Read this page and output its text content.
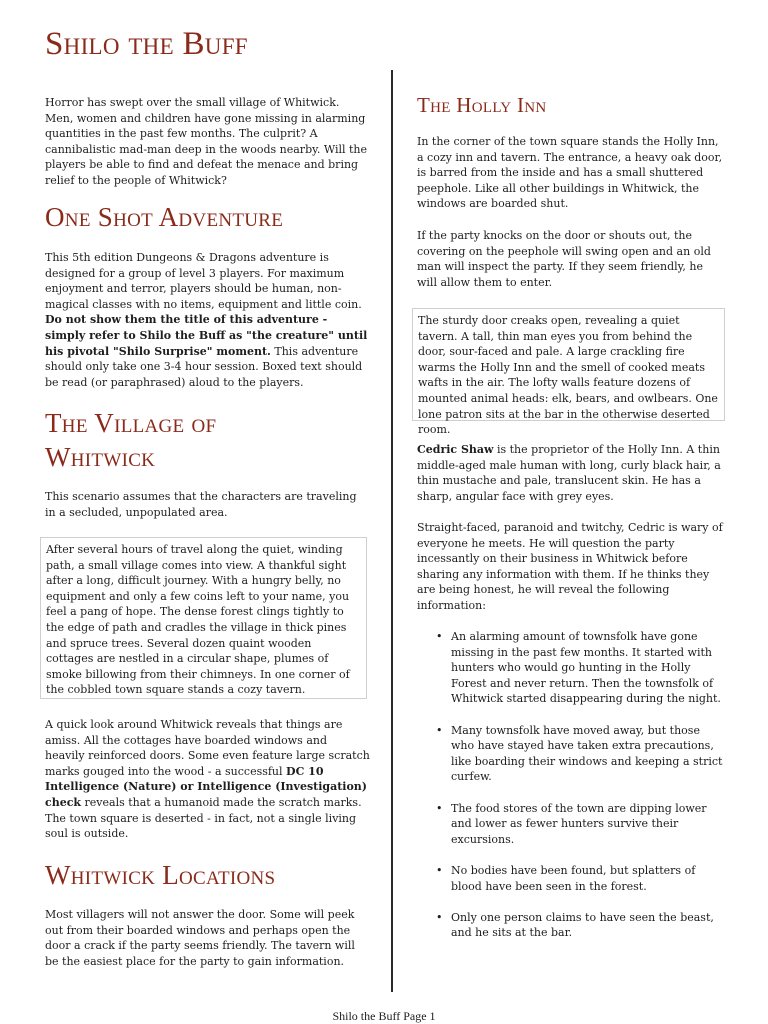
Shilo the Buff

Horror has swept over the small village of Whitwick. Men, women and children have gone missing in alarming quantities in the past few months. The culprit? A cannibalistic mad-man deep in the woods nearby. Will the players be able to find and defeat the menace and bring relief to the people of Whitwick?

One Shot Adventure

This 5th edition Dungeons & Dragons adventure is designed for a group of level 3 players. For maximum enjoyment and terror, players should be human, non-magical classes with no items, equipment and little coin. Do not show them the title of this adventure - simply refer to Shilo the Buff as "the creature" until his pivotal "Shilo Surprise" moment. This adventure should only take one 3-4 hour session. Boxed text should be read (or paraphrased) aloud to the players.

The Village of
Whitwick

This scenario assumes that the characters are traveling in a secluded, unpopulated area.

After several hours of travel along the quiet, winding path, a small village comes into view. A thankful sight after a long, difficult journey. With a hungry belly, no equipment and only a few coins left to your name, you feel a pang of hope. The dense forest clings tightly to the edge of path and cradles the village in thick pines and spruce trees. Several dozen quaint wooden cottages are nestled in a circular shape, plumes of smoke billowing from their chimneys. In one corner of the cobbled town square stands a cozy tavern.

A quick look around Whitwick reveals that things are amiss. All the cottages have boarded windows and heavily reinforced doors. Some even feature large scratch marks gouged into the wood - a successful DC 10 Intelligence (Nature) or Intelligence (Investigation) check reveals that a humanoid made the scratch marks. The town square is deserted - in fact, not a single living soul is outside.

Whitwick Locations

Most villagers will not answer the door. Some will peek out from their boarded windows and perhaps open the door a crack if the party seems friendly. The tavern will be the easiest place for the party to gain information.

The Holly Inn

In the corner of the town square stands the Holly Inn, a cozy inn and tavern. The entrance, a heavy oak door, is barred from the inside and has a small shuttered peephole. Like all other buildings in Whitwick, the windows are boarded shut.

If the party knocks on the door or shouts out, the covering on the peephole will swing open and an old man will inspect the party. If they seem friendly, he will allow them to enter.

The sturdy door creaks open, revealing a quiet tavern. A tall, thin man eyes you from behind the door, sour-faced and pale. A large crackling fire warms the Holly Inn and the smell of cooked meats wafts in the air. The lofty walls feature dozens of mounted animal heads: elk, bears, and owlbears. One lone patron sits at the bar in the otherwise deserted room.

Cedric Shaw is the proprietor of the Holly Inn. A thin middle-aged male human with long, curly black hair, a thin mustache and pale, translucent skin. He has a sharp, angular face with grey eyes.

Straight-faced, paranoid and twitchy, Cedric is wary of everyone he meets. He will question the party incessantly on their business in Whitwick before sharing any information with them. If he thinks they are being honest, he will reveal the following information:

• An alarming amount of townsfolk have gone missing in the past few months. It started with hunters who would go hunting in the Holly Forest and never return. Then the townsfolk of Whitwick started disappearing during the night.
• Many townsfolk have moved away, but those who have stayed have taken extra precautions, like boarding their windows and keeping a strict curfew.
• The food stores of the town are dipping lower and lower as fewer hunters survive their excursions.
• No bodies have been found, but splatters of blood have been seen in the forest.
• Only one person claims to have seen the beast, and he sits at the bar.
Shilo the Buff Page 1
